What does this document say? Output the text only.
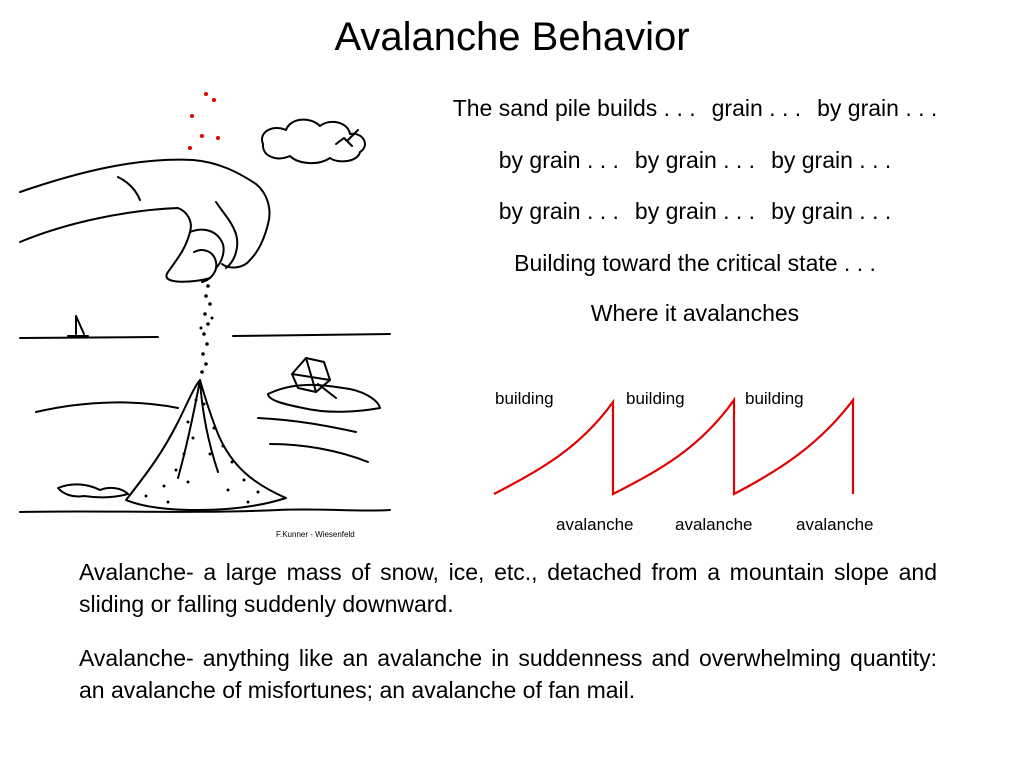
Avalanche Behavior
The sand pile builds . . . grain . . . by grain . . .
by grain . . . by grain . . . by grain . . .
by grain . . . by grain . . . by grain . . .
Building toward the critical state . . .
Where it avalanches
F.Kunner - Wiesenfeld
building	building	building
avalanche avalanche	avalanche

Avalanche- a large mass of snow, ice, etc., detached from a mountain slope and sliding or falling suddenly downward.

Avalanche- anything like an avalanche in suddenness and overwhelming quantity: an avalanche of misfortunes; an avalanche of fan mail.
